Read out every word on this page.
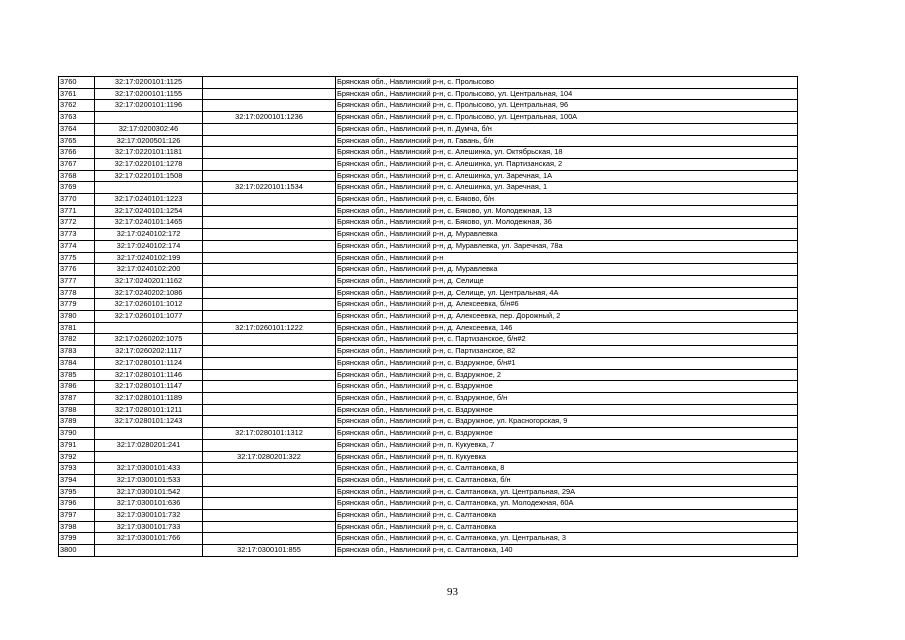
3760	32:17:0200101:1125		Брянская обл., Навлинский р-н, с. Пролысово
3761	32:17:0200101:1155		Брянская обл., Навлинский р-н, с. Пролысово, ул. Центральная, 104
3762	32:17:0200101:1196		Брянская обл., Навлинский р-н, с. Пролысово, ул. Центральная, 96
3763		32:17:0200101:1236	Брянская обл., Навлинский р-н, с. Пролысово, ул. Центральная, 100А
3764	32:17:0200302:46		Брянская обл., Навлинский р-н, п. Думча, б/н
3765	32:17:0200501:126		Брянская обл., Навлинский р-н, п. Гавань, б/н
3766	32:17:0220101:1181		Брянская обл., Навлинский р-н, с. Алешинка, ул. Октябрьская, 18
3767	32:17:0220101:1278		Брянская обл., Навлинский р-н, с. Алешинка, ул. Партизанская, 2
3768	32:17:0220101:1508		Брянская обл., Навлинский р-н, с. Алешинка, ул. Заречная, 1А
3769		32:17:0220101:1534	Брянская обл., Навлинский р-н, с. Алешинка, ул. Заречная, 1
3770	32:17:0240101:1223		Брянская обл., Навлинский р-н, с. Бяково, б/н
3771	32:17:0240101:1254		Брянская обл., Навлинский р-н, с. Бяково, ул. Молодежная, 13
3772	32:17:0240101:1465		Брянская обл., Навлинский р-н, с. Бяково, ул. Молодежная, 36
3773	32:17:0240102:172		Брянская обл., Навлинский р-н, д. Муравлевка
3774	32:17:0240102:174		Брянская обл., Навлинский р-н, д. Муравлевка, ул. Заречная, 78а
3775	32:17:0240102:199		Брянская обл., Навлинский р-н
3776	32:17:0240102:200		Брянская обл., Навлинский р-н, д. Муравлевка
3777	32:17:0240201:1162		Брянская обл., Навлинский р-н, д. Селище
3778	32:17:0240202:1086		Брянская обл., Навлинский р-н, д. Селище, ул. Центральная, 4А
3779	32:17:0260101:1012		Брянская обл., Навлинский р-н, д. Алексеевка, б/н#6
3780	32:17:0260101:1077		Брянская обл., Навлинский р-н, д. Алексеевка, пер. Дорожный, 2
3781		32:17:0260101:1222	Брянская обл., Навлинский р-н, д. Алексеевка, 146
3782	32:17:0260202:1075		Брянская обл., Навлинский р-н, с. Партизанское, б/н#2
3783	32:17:0260202:1117		Брянская обл., Навлинский р-н, с. Партизанское, 82
3784	32:17:0280101:1124		Брянская обл., Навлинский р-н, с. Вздружное, б/н#1
3785	32:17:0280101:1146		Брянская обл., Навлинский р-н, с. Вздружное, 2
3786	32:17:0280101:1147		Брянская обл., Навлинский р-н, с. Вздружное
3787	32:17:0280101:1189		Брянская обл., Навлинский р-н, с. Вздружное, б/н
3788	32:17:0280101:1211		Брянская обл., Навлинский р-н, с. Вздружное
3789	32:17:0280101:1243		Брянская обл., Навлинский р-н, с. Вздружное, ул. Красногорская, 9
3790		32:17:0280101:1312	Брянская обл., Навлинский р-н, с. Вздружное
3791	32:17:0280201:241		Брянская обл., Навлинский р-н, п. Кукуевка, 7
3792		32:17:0280201:322	Брянская обл., Навлинский р-н, п. Кукуевка
3793	32:17:0300101:433		Брянская обл., Навлинский р-н, с. Салтановка, 8
3794	32:17:0300101:533		Брянская обл., Навлинский р-н, с. Салтановка, б/н
3795	32:17:0300101:542		Брянская обл., Навлинский р-н, с. Салтановка, ул. Центральная, 29А
3796	32:17:0300101:636		Брянская обл., Навлинский р-н, с. Салтановка, ул. Молодежная, 60А
3797	32:17:0300101:732		Брянская обл., Навлинский р-н, с. Салтановка
3798	32:17:0300101:733		Брянская обл., Навлинский р-н, с. Салтановка
3799	32:17:0300101:766		Брянская обл., Навлинский р-н, с. Салтановка, ул. Центральная, 3
3800		32:17:0300101:855	Брянская обл., Навлинский р-н, с. Салтановка, 140
93
